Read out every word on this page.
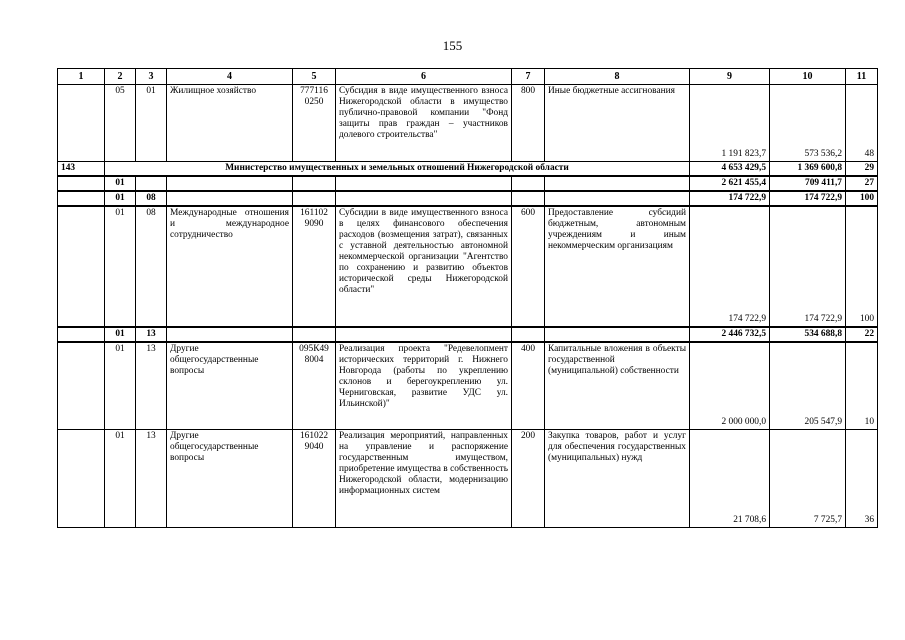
155
1	2	3	4	5	6	7	8	9	10	11
	05	01	Жилищное хозяйство	777116 0250	Субсидия в виде имущественного взноса Нижегородской области в имущество публично-правовой компании "Фонд защиты прав граждан – участников долевого строительства"	800	Иные бюджетные ассигнования	1 191 823,7	573 536,2	48
143	Министерство имущественных и земельных отношений Нижегородской области							4 653 429,5	1 369 600,8	29
	01							2 621 455,4	709 411,7	27
	01	08						174 722,9	174 722,9	100
	01	08	Международные отношения и международное сотрудничество	161102 9090	Субсидии в виде имущественного взноса в целях финансового обеспечения расходов (возмещения затрат), связанных с уставной деятельностью автономной некоммерческой организации "Агентство по сохранению и развитию объектов исторической среды Нижегородской области"	600	Предоставление субсидий бюджетным, автономным учреждениям и иным некоммерческим организациям	174 722,9	174 722,9	100
	01	13						2 446 732,5	534 688,8	22
	01	13	Другие общегосударственные вопросы	095К49 8004	Реализация проекта "Редевелопмент исторических территорий г. Нижнего Новгорода (работы по укреплению склонов и берегоукреплению ул. Черниговская, развитие УДС ул. Ильинской)"	400	Капитальные вложения в объекты государственной (муниципальной) собственности	2 000 000,0	205 547,9	10
	01	13	Другие общегосударственные вопросы	161022 9040	Реализация мероприятий, направленных на управление и распоряжение государственным имуществом, приобретение имущества в собственность Нижегородской области, модернизацию информационных систем	200	Закупка товаров, работ и услуг для обеспечения государственных (муниципальных) нужд	21 708,6	7 725,7	36
